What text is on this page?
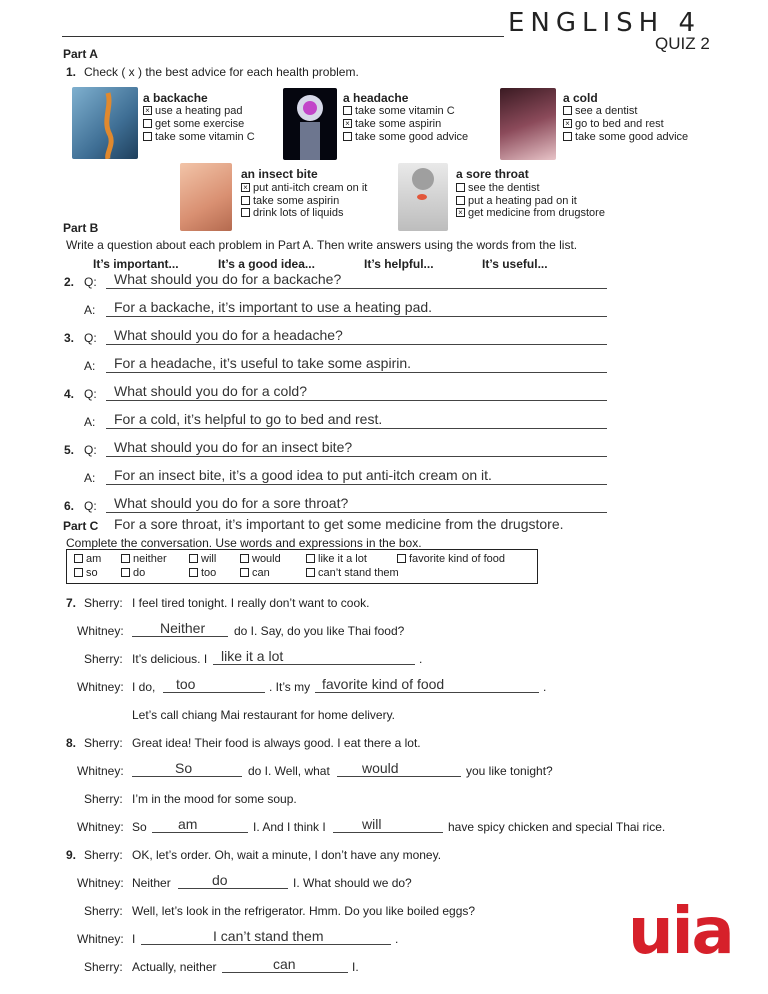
ENGLISH 4
QUIZ 2
Part A
1. Check ( x ) the best advice for each health problem.
a backache
× use a heating pad
get some exercise
take some vitamin C
a headache
take some vitamin C
× take some aspirin
take some good advice
a cold
see a dentist
× go to bed and rest
take some good advice
an insect bite
× put anti-itch cream on it
take some aspirin
drink lots of liquids
a sore throat
see the dentist
put a heating pad on it
× get medicine from drugstore
Part B
Write a question about each problem in Part A. Then write answers using the words from the list.
It’s important...	It’s a good idea...	It’s helpful...	It’s useful...
2. Q: What should you do for a backache?
A: For a backache, it’s important to use a heating pad.
3. Q: What should you do for a headache?
A: For a headache, it’s useful to take some aspirin.
4. Q: What should you do for a cold?
A: For a cold, it’s helpful to go to bed and rest.
5. Q: What should you do for an insect bite?
A: For an insect bite, it’s a good idea to put anti-itch cream on it.
6. Q: What should you do for a sore throat?
For a sore throat, it’s important to get some medicine from the drugstore.
Part C
Complete the conversation. Use words and expressions in the box.
am	neither	will	would	like it a lot	favorite kind of food
so	do	too	can	can’t stand them
7. Sherry: I feel tired tonight. I really don’t want to cook.
Whitney:	Neither do I. Say, do you like Thai food?
Sherry: It’s delicious. I like it a lot	.
Whitney: I do, too	. It’s my favorite kind of food	.
Let’s call chiang Mai restaurant for home delivery.
8. Sherry: Great idea! Their food is always good. I eat there a lot.
Whitney:	So	do I. Well, what would	you like tonight?
Sherry: I’m in the mood for some soup.
Whitney: So am	I. And I think I	will	have spicy chicken and special Thai rice.
9. Sherry: OK, let’s order. Oh, wait a minute, I don’t have any money.
Whitney: Neither	do	I. What should we do?
Sherry: Well, let’s look in the refrigerator. Hmm. Do you like boiled eggs?
Whitney: I	I can’t stand them	.
Sherry: Actually, neither	can	I.	uia
